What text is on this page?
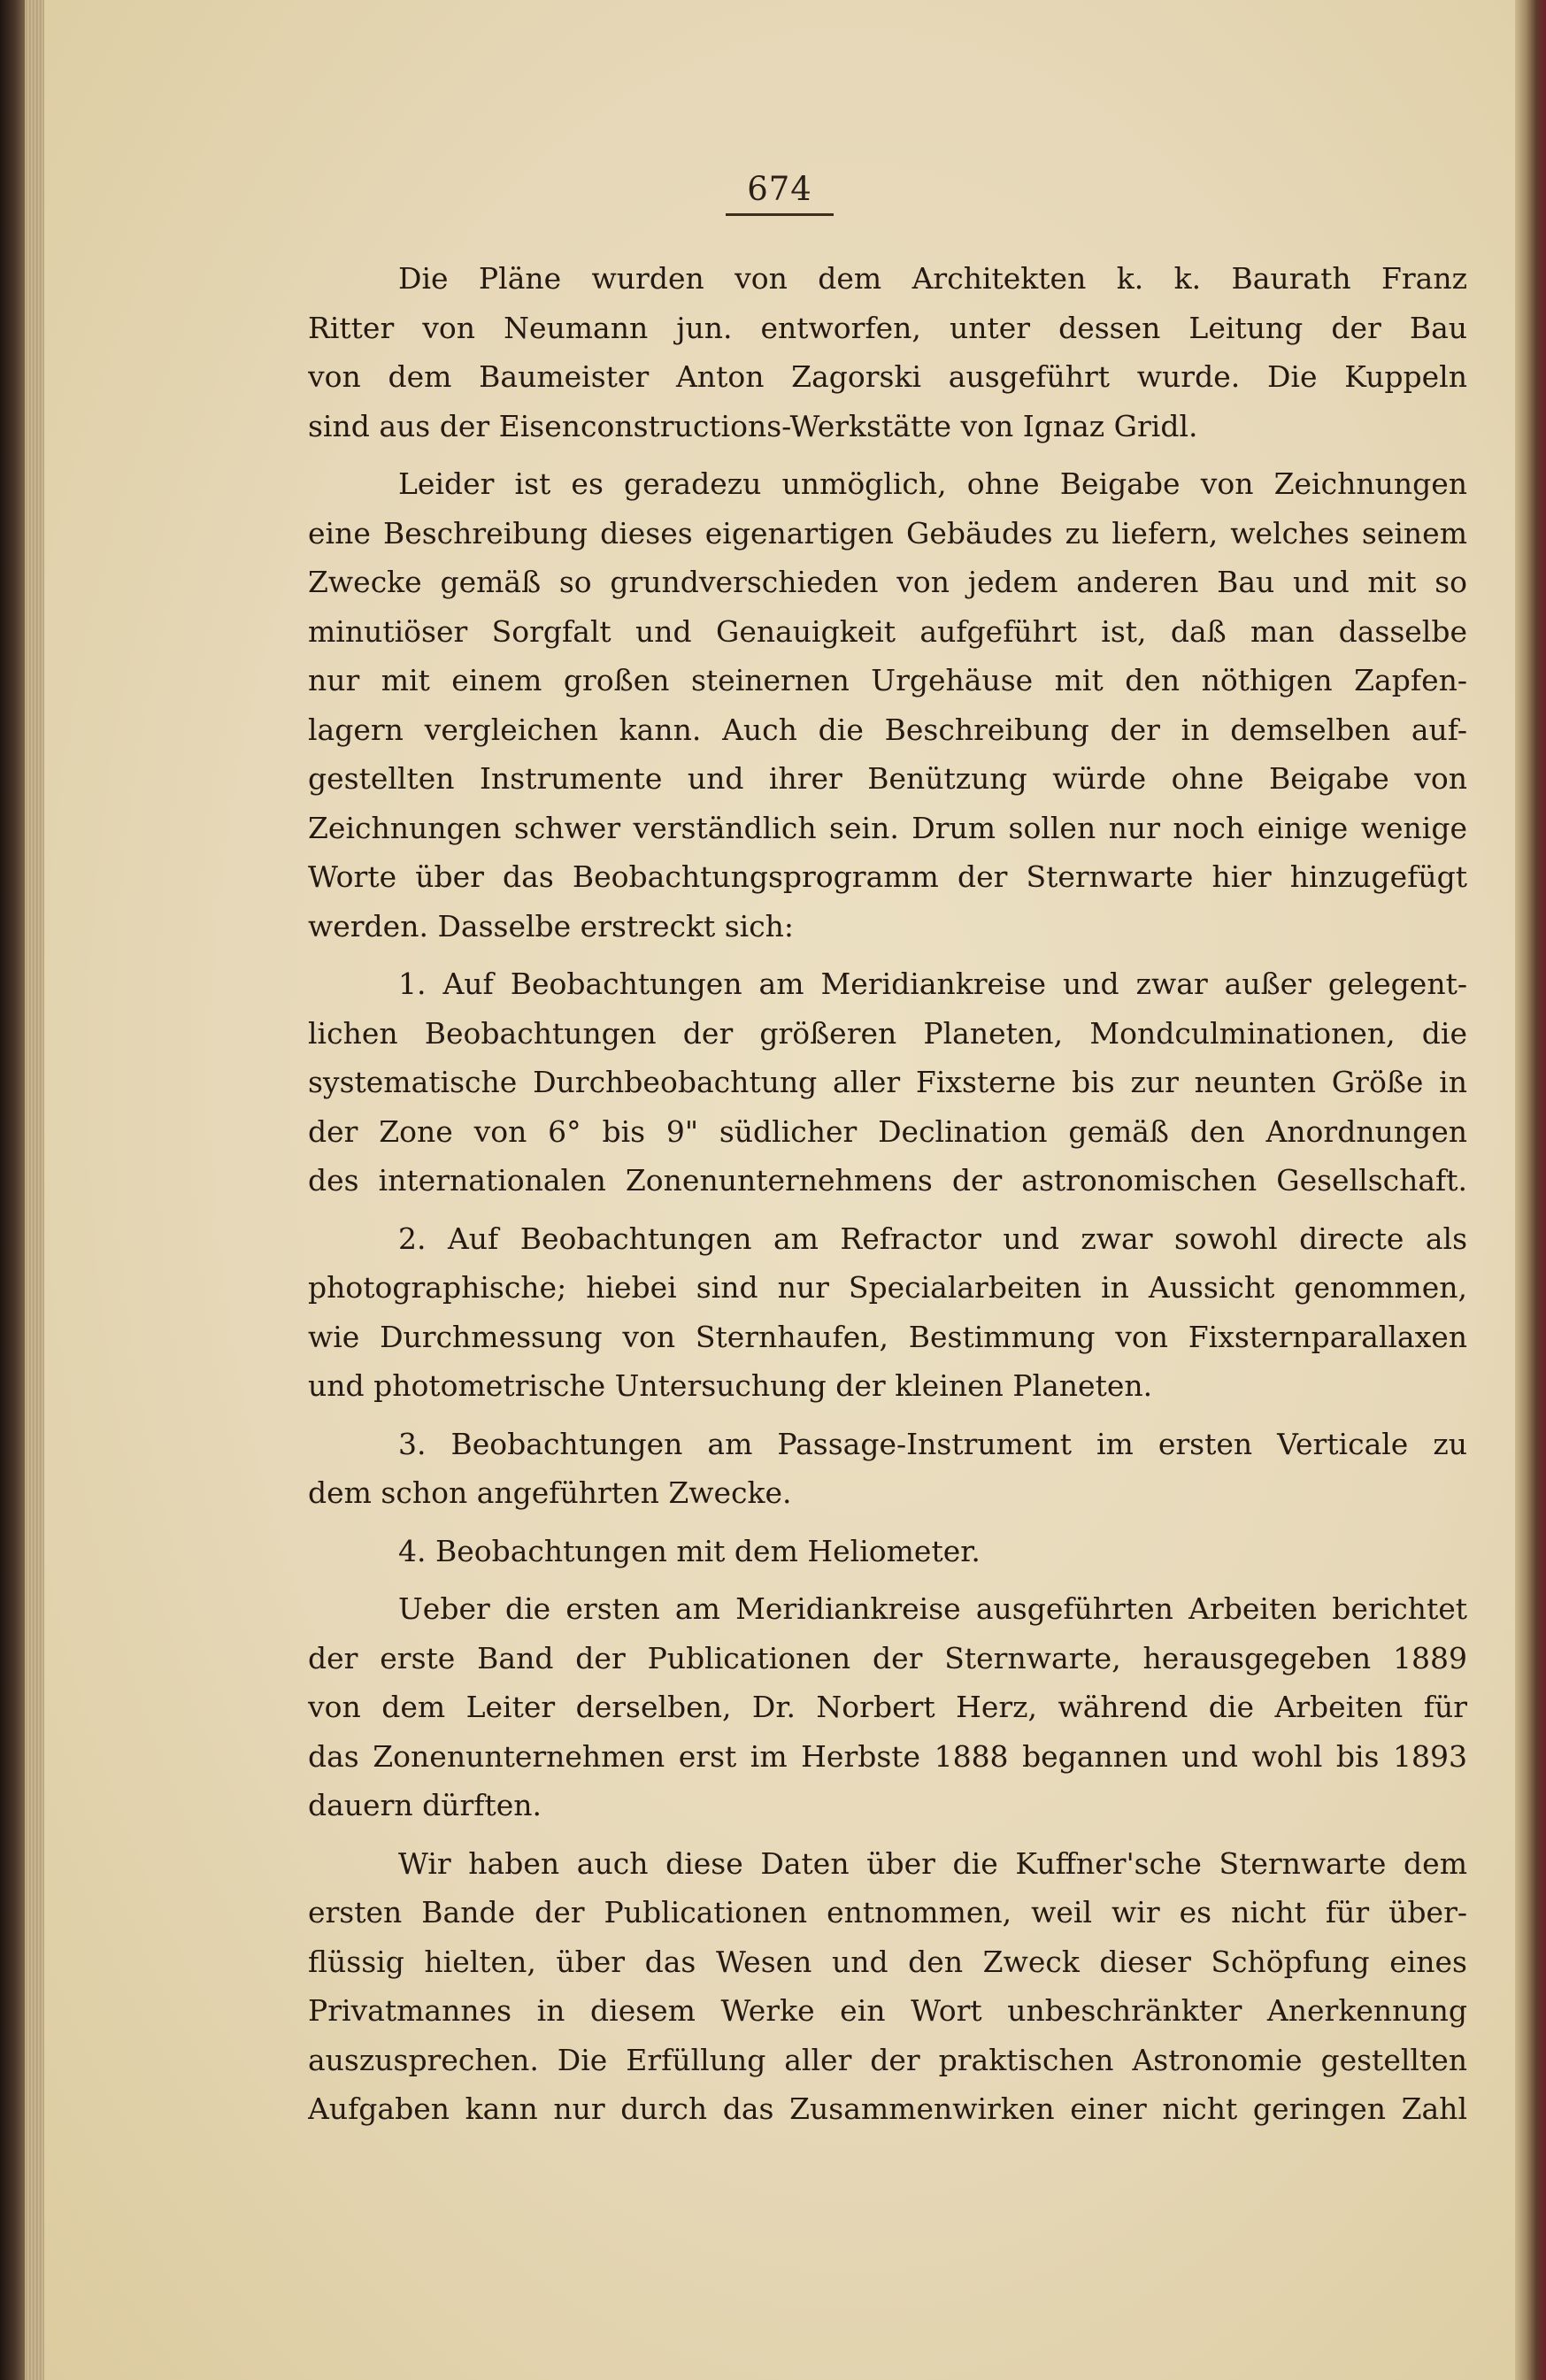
674
Die Pläne wurden von dem Architekten k. k. Baurath Franz
Ritter von Neumann jun. entworfen, unter dessen Leitung der Bau
von dem Baumeister Anton Zagorski ausgeführt wurde. Die Kuppeln
sind aus der Eisenconstructions-Werkstätte von Ignaz Gridl.
Leider ist es geradezu unmöglich, ohne Beigabe von Zeichnungen
eine Beschreibung dieses eigenartigen Gebäudes zu liefern, welches seinem
Zwecke gemäß so grundverschieden von jedem anderen Bau und mit so
minutiöser Sorgfalt und Genauigkeit aufgeführt ist, daß man dasselbe
nur mit einem großen steinernen Urgehäuse mit den nöthigen Zapfen-
lagern vergleichen kann. Auch die Beschreibung der in demselben auf-
gestellten Instrumente und ihrer Benützung würde ohne Beigabe von
Zeichnungen schwer verständlich sein. Drum sollen nur noch einige wenige
Worte über das Beobachtungsprogramm der Sternwarte hier hinzugefügt
werden. Dasselbe erstreckt sich:
1. Auf Beobachtungen am Meridiankreise und zwar außer gelegent-
lichen Beobachtungen der größeren Planeten, Mondculminationen, die
systematische Durchbeobachtung aller Fixsterne bis zur neunten Größe in
der Zone von 6° bis 9" südlicher Declination gemäß den Anordnungen
des internationalen Zonenunternehmens der astronomischen Gesellschaft.
2. Auf Beobachtungen am Refractor und zwar sowohl directe als
photographische; hiebei sind nur Specialarbeiten in Aussicht genommen,
wie Durchmessung von Sternhaufen, Bestimmung von Fixsternparallaxen
und photometrische Untersuchung der kleinen Planeten.
3. Beobachtungen am Passage-Instrument im ersten Verticale zu
dem schon angeführten Zwecke.
4. Beobachtungen mit dem Heliometer.
Ueber die ersten am Meridiankreise ausgeführten Arbeiten berichtet
der erste Band der Publicationen der Sternwarte, herausgegeben 1889
von dem Leiter derselben, Dr. Norbert Herz, während die Arbeiten für
das Zonenunternehmen erst im Herbste 1888 begannen und wohl bis 1893
dauern dürften.
Wir haben auch diese Daten über die Kuffner'sche Sternwarte dem
ersten Bande der Publicationen entnommen, weil wir es nicht für über-
flüssig hielten, über das Wesen und den Zweck dieser Schöpfung eines
Privatmannes in diesem Werke ein Wort unbeschränkter Anerkennung
auszusprechen. Die Erfüllung aller der praktischen Astronomie gestellten
Aufgaben kann nur durch das Zusammenwirken einer nicht geringen Zahl
